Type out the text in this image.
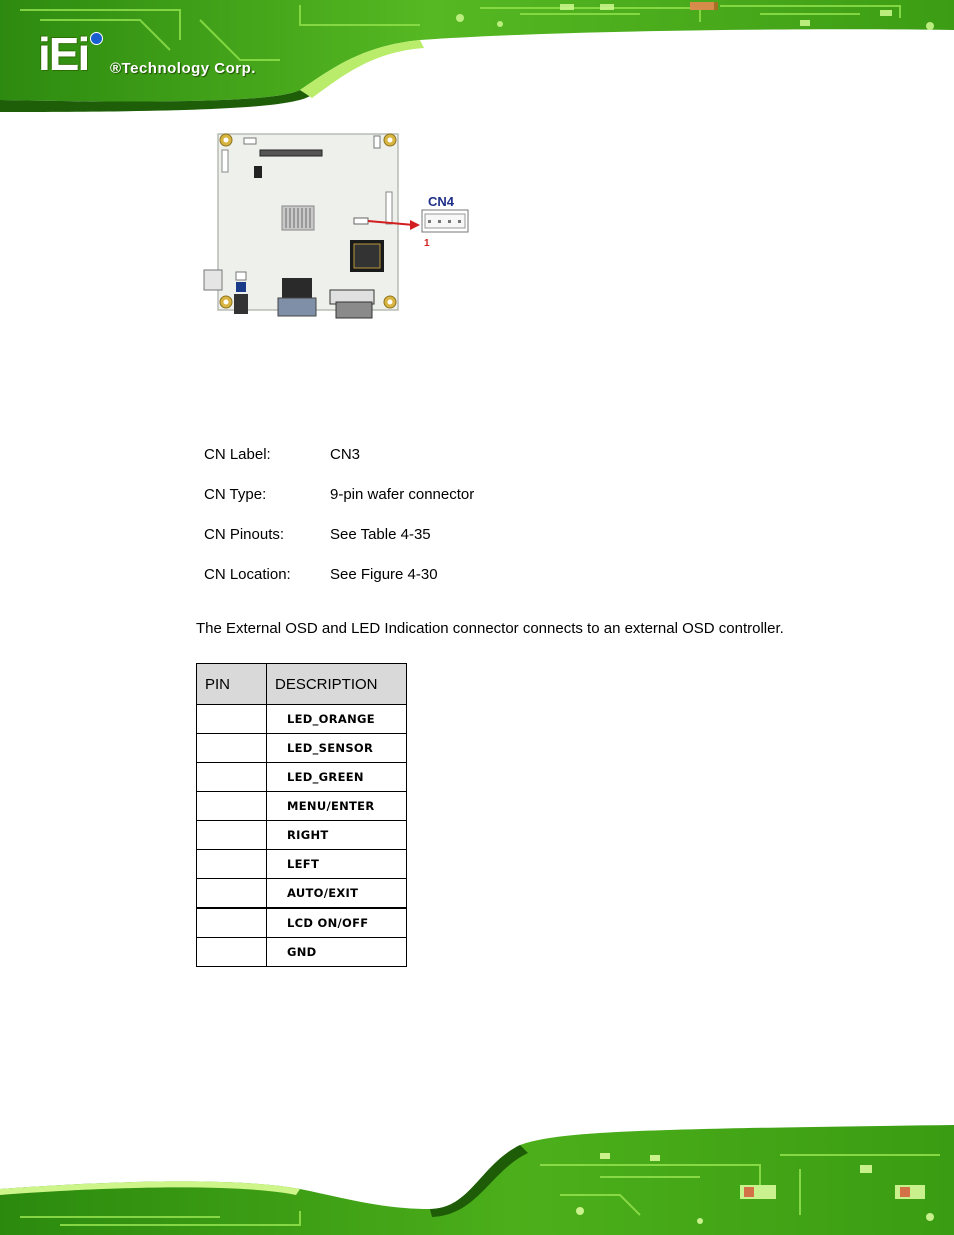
iEi ®Technology Corp.
CN4
1
CN Label:	CN3
CN Type:	9-pin wafer connector
CN Pinouts:	See Table 4-35
CN Location:	See Figure 4-30
The External OSD and LED Indication connector connects to an external OSD controller.
PIN	DESCRIPTION
	LED_ORANGE
	LED_SENSOR
	LED_GREEN
	MENU/ENTER
	RIGHT
	LEFT
	AUTO/EXIT
	LCD ON/OFF
	GND
